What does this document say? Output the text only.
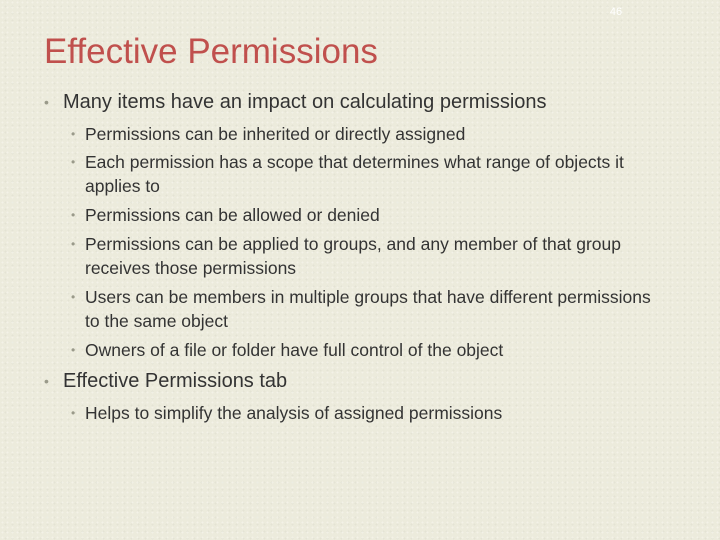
46
Effective Permissions
• Many items have an impact on calculating permissions
• Permissions can be inherited or directly assigned
• Each permission has a scope that determines what range of objects it applies to
• Permissions can be allowed or denied
• Permissions can be applied to groups, and any member of that group receives those permissions
• Users can be members in multiple groups that have different permissions to the same object
• Owners of a file or folder have full control of the object
• Effective Permissions tab
• Helps to simplify the analysis of assigned permissions
